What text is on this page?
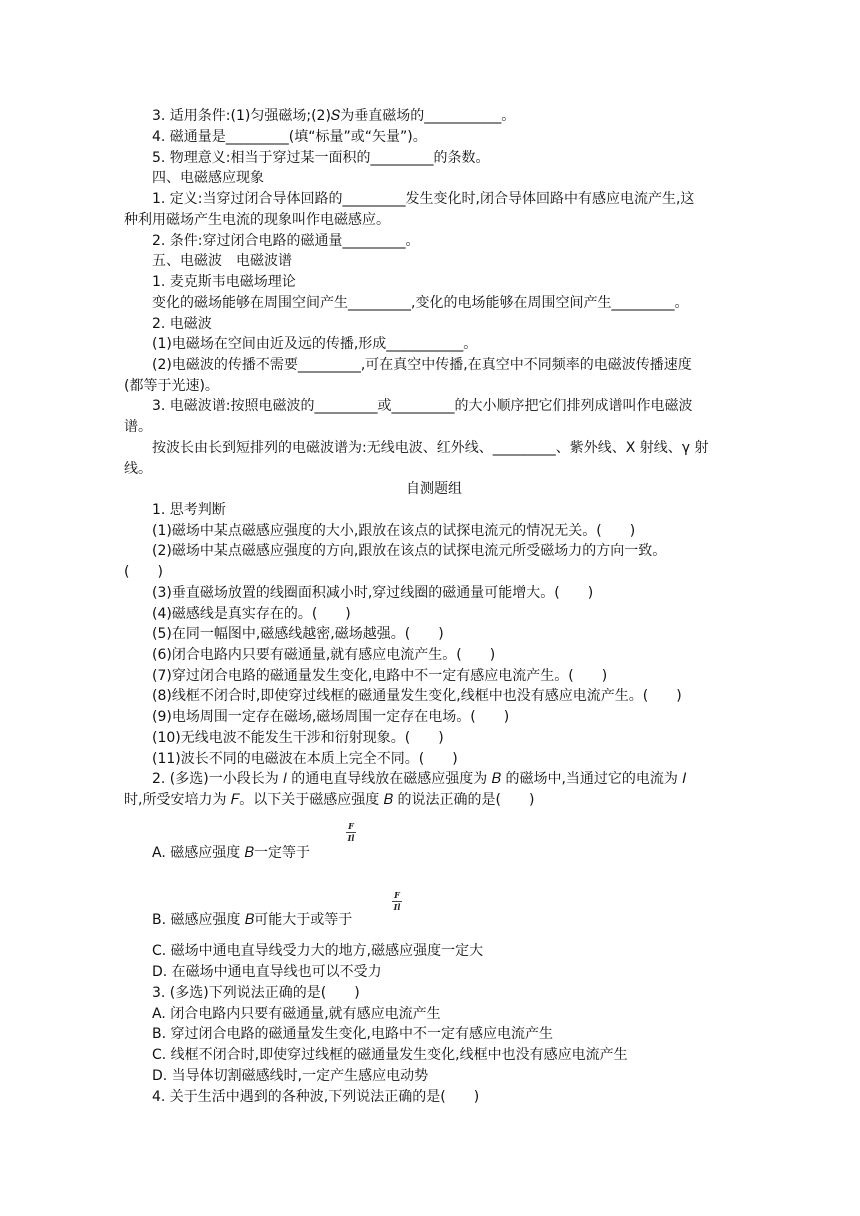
3. 适用条件:(1)匀强磁场;(2)𝑆为垂直磁场的___________。
4. 磁通量是_________(填“标量”或“矢量”)。
5. 物理意义:相当于穿过某一面积的_________的条数。
四、电磁感应现象
1. 定义:当穿过闭合导体回路的_________发生变化时,闭合导体回路中有感应电流产生,这
种利用磁场产生电流的现象叫作电磁感应。
2. 条件:穿过闭合电路的磁通量_________。
五、电磁波　电磁波谱
1. 麦克斯韦电磁场理论
变化的磁场能够在周围空间产生_________,变化的电场能够在周围空间产生_________。
2. 电磁波
(1)电磁场在空间由近及远的传播,形成___________。
(2)电磁波的传播不需要_________,可在真空中传播,在真空中不同频率的电磁波传播速度
(都等于光速)。
3. 电磁波谱:按照电磁波的_________或_________的大小顺序把它们排列成谱叫作电磁波
谱。
按波长由长到短排列的电磁波谱为:无线电波、红外线、_________、紫外线、X 射线、γ 射
线。
自测题组
1. 思考判断
(1)磁场中某点磁感应强度的大小,跟放在该点的试探电流元的情况无关。(　　)
(2)磁场中某点磁感应强度的方向,跟放在该点的试探电流元所受磁场力的方向一致。
(　　)
(3)垂直磁场放置的线圈面积减小时,穿过线圈的磁通量可能增大。(　　)
(4)磁感线是真实存在的。(　　)
(5)在同一幅图中,磁感线越密,磁场越强。(　　)
(6)闭合电路内只要有磁通量,就有感应电流产生。(　　)
(7)穿过闭合电路的磁通量发生变化,电路中不一定有感应电流产生。(　　)
(8)线框不闭合时,即使穿过线框的磁通量发生变化,线框中也没有感应电流产生。(　　)
(9)电场周围一定存在磁场,磁场周围一定存在电场。(　　)
(10)无线电波不能发生干涉和衍射现象。(　　)
(11)波长不同的电磁波在本质上完全不同。(　　)
2. (多选)一小段长为 𝑙 的通电直导线放在磁感应强度为 𝐵 的磁场中,当通过它的电流为 𝐼
时,所受安培力为 𝐹。以下关于磁感应强度 𝐵 的说法正确的是(　　)
F
Il
A. 磁感应强度 𝐵一定等于
F
Il
B. 磁感应强度 𝐵可能大于或等于
C. 磁场中通电直导线受力大的地方,磁感应强度一定大
D. 在磁场中通电直导线也可以不受力
3. (多选)下列说法正确的是(　　)
A. 闭合电路内只要有磁通量,就有感应电流产生
B. 穿过闭合电路的磁通量发生变化,电路中不一定有感应电流产生
C. 线框不闭合时,即使穿过线框的磁通量发生变化,线框中也没有感应电流产生
D. 当导体切割磁感线时,一定产生感应电动势
4. 关于生活中遇到的各种波,下列说法正确的是(　　)
